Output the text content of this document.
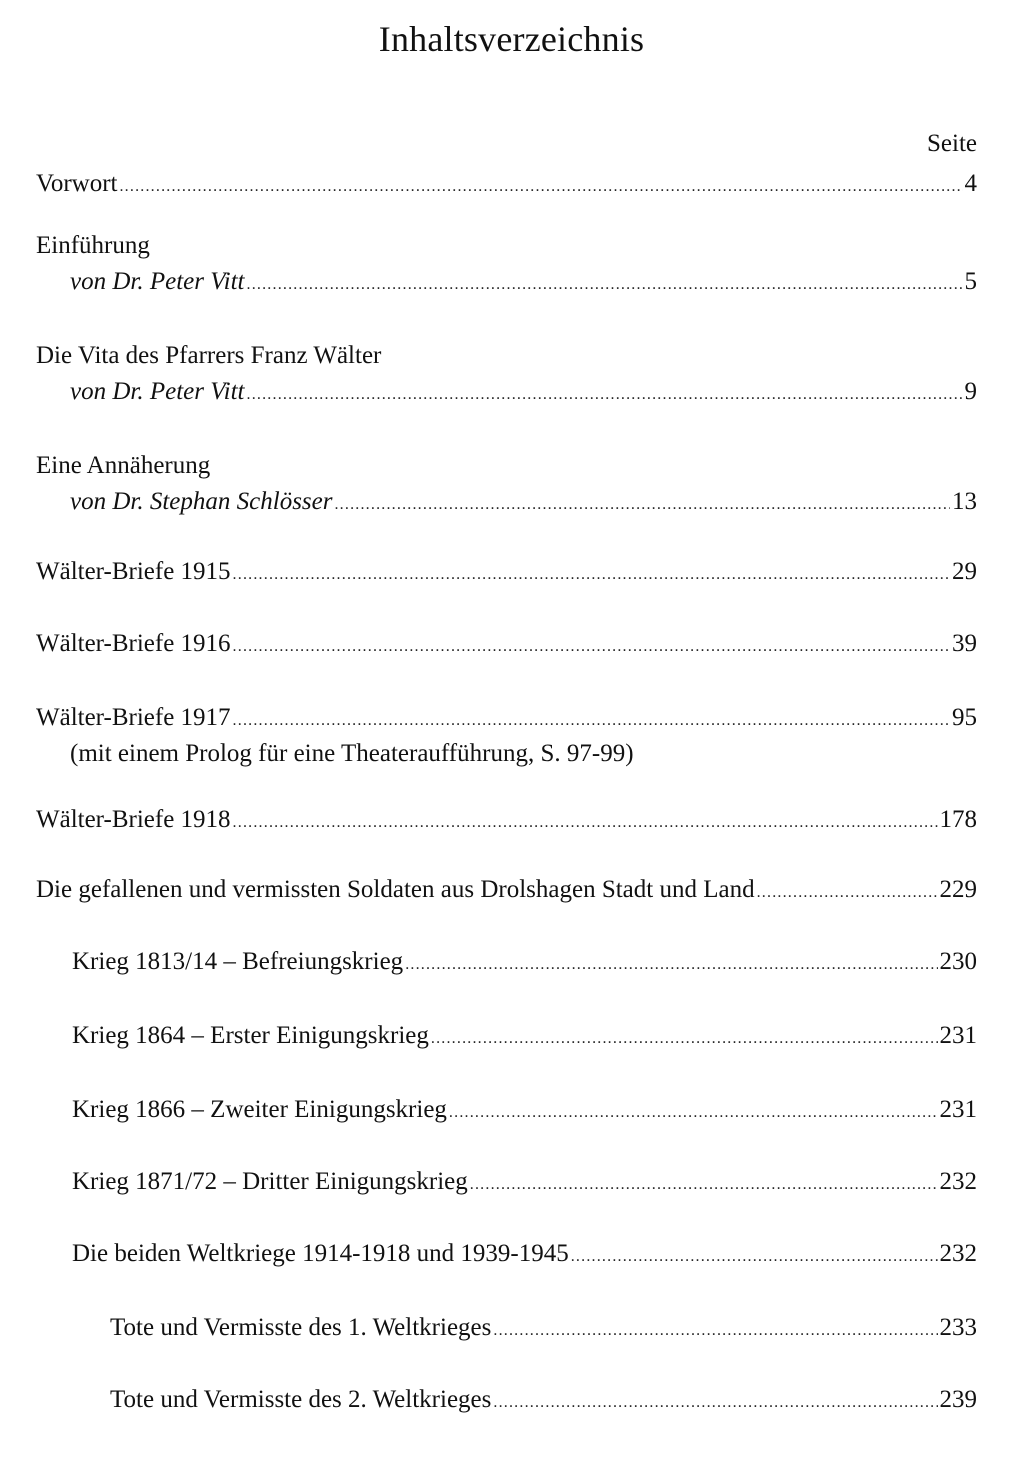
Inhaltsverzeichnis
Seite
Vorwort .....	4
Einführung
von Dr. Peter Vitt .....	5
Die Vita des Pfarrers Franz Wälter
von Dr. Peter Vitt .....	9
Eine Annäherung
von Dr. Stephan Schlösser .....	13
Wälter-Briefe 1915 .....	29
Wälter-Briefe 1916 .....	39
Wälter-Briefe 1917 .....	95
(mit einem Prolog für eine Theateraufführung, S. 97-99)
Wälter-Briefe 1918 .....	178
Die gefallenen und vermissten Soldaten aus Drolshagen Stadt und Land .....	229
Krieg 1813/14 – Befreiungskrieg .....	230
Krieg 1864 – Erster Einigungskrieg .....	231
Krieg 1866 – Zweiter Einigungskrieg .....	231
Krieg 1871/72 – Dritter Einigungskrieg .....	232
Die beiden Weltkriege 1914-1918 und 1939-1945 .....	232
Tote und Vermisste des 1. Weltkrieges .....	233
Tote und Vermisste des 2. Weltkrieges .....	239
